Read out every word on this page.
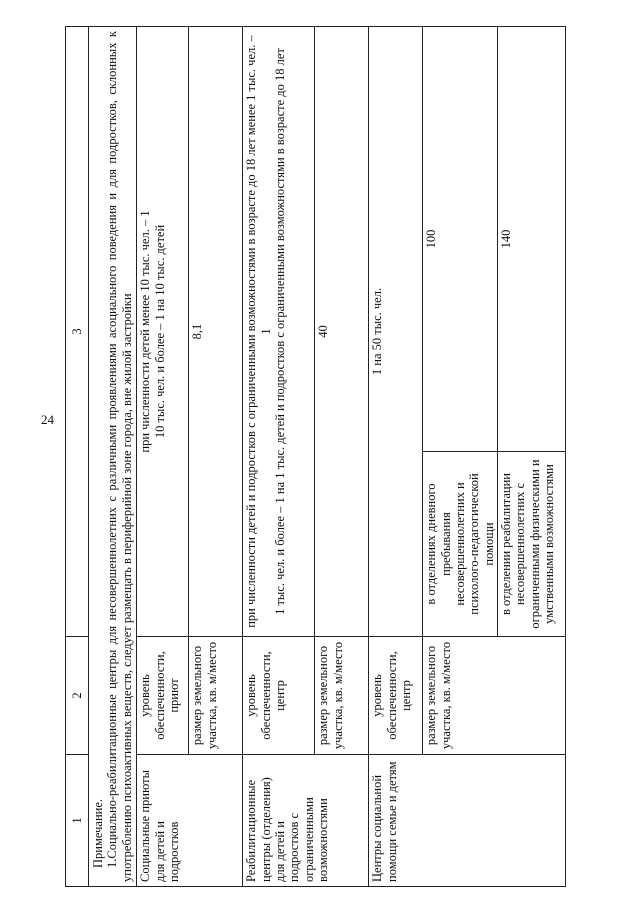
24
1	2	3	

Примечание. 1.Социально-реабилитационные центры для несовершеннолетних с различными проявлениями асоциального поведения и для подростков, склонных к употреблению психоактивных веществ, следует размещать в периферийной зоне города, вне жилой застройки			

Социальные приюты для детей и подростков	уровень обеспеченности, приют	при численности детей менее 10 тыс. чел. – 1
10 тыс. чел. и более – 1 на 10 тыс. детей	
	размер земельного участка, кв. м/место	8,1	
Реабилитационные центры (отделения) для детей и подростков с ограниченными возможностями	уровень обеспеченности, центр	при численности детей и подростков с ограниченными возможностями в возрасте до 18 лет менее 1 тыс. чел. – 1
1 тыс. чел. и более – 1 на 1 тыс. детей и подростков с ограниченными возможностями в возрасте до 18 лет	
	размер земельного участка, кв. м/место	40	
Центры социальной помощи семье и детям	уровень обеспеченности, центр	1 на 50 тыс. чел.	
	размер земельного участка, кв. м/место	в отделениях дневного пребывания несовершеннолетних и психолого-педагогической помощи	100
		в отделении реабилитации несовершеннолетних с ограниченными физическими и умственными возможностями	140
